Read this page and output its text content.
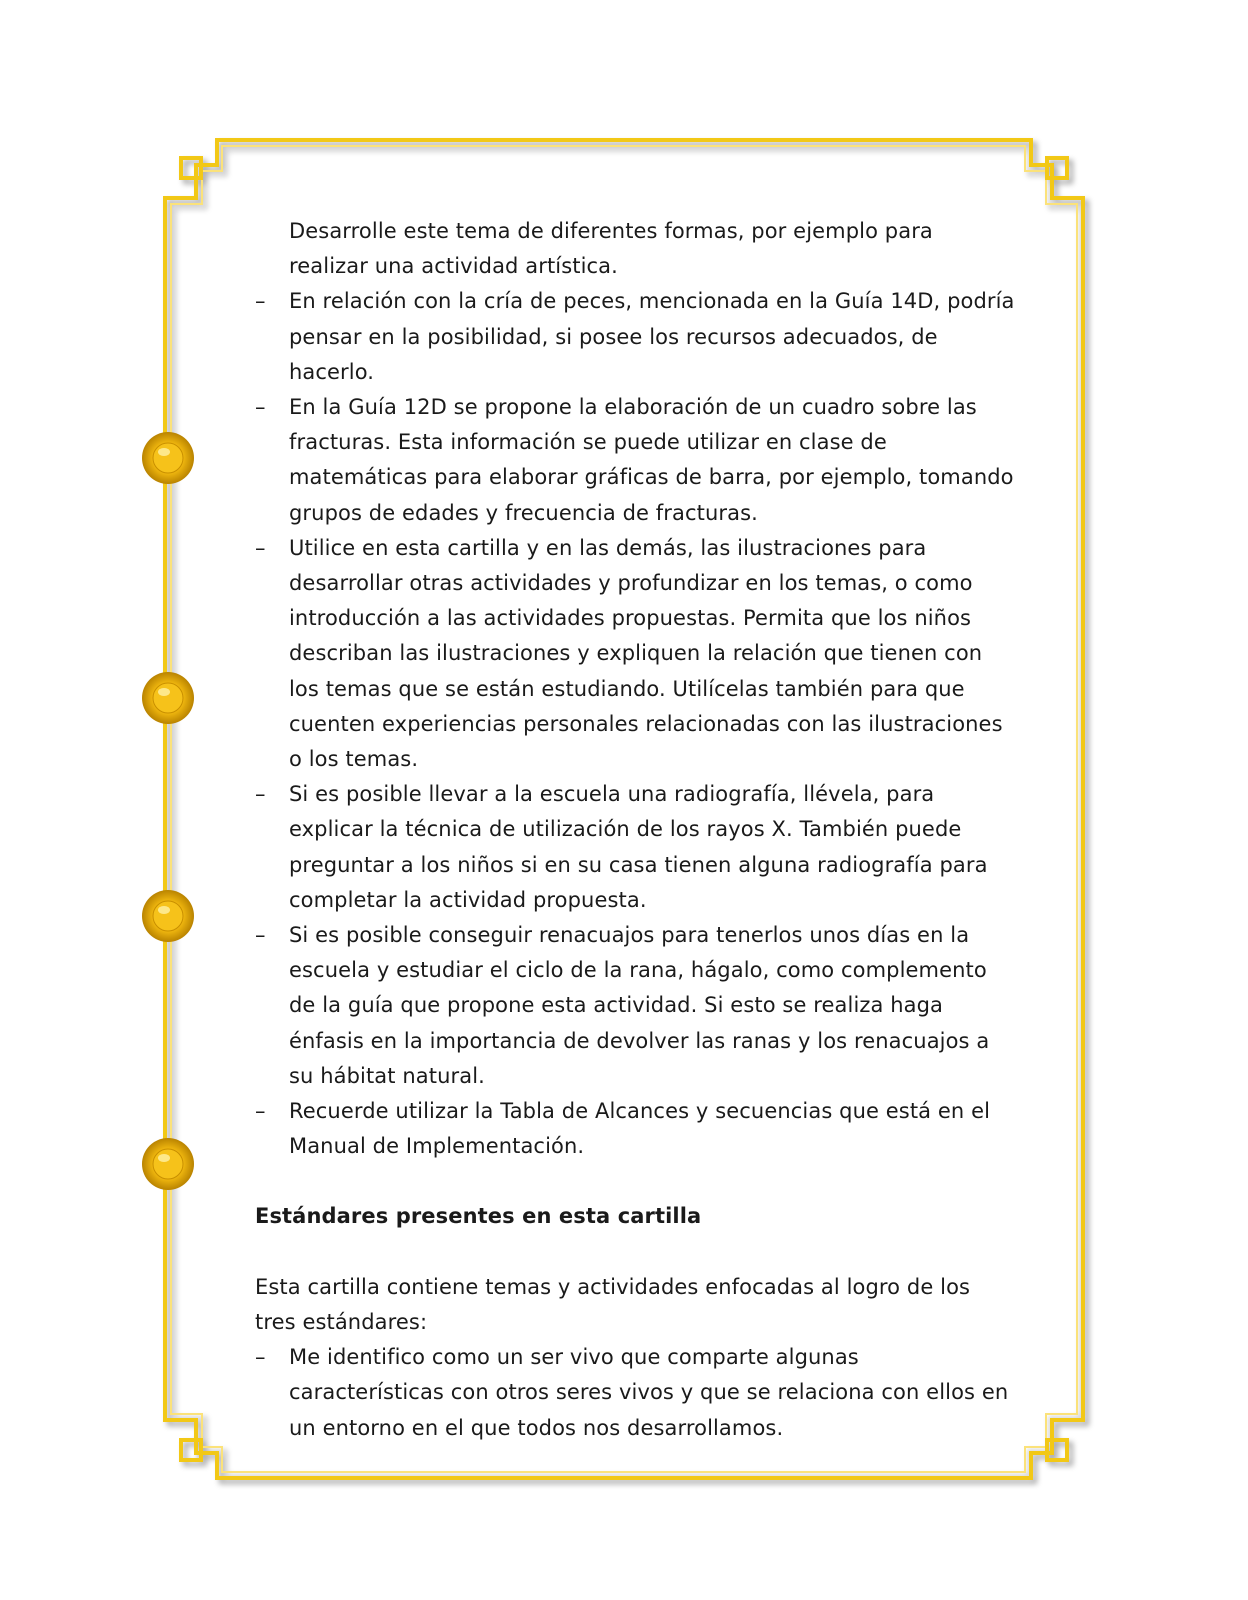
Desarrolle este tema de diferentes formas, por ejemplo para realizar una actividad artística.

–	En relación con la cría de peces, mencionada en la Guía 14D, podría pensar en la posibilidad, si posee los recursos adecuados, de hacerlo.
–	En la Guía 12D se propone la elaboración de un cuadro sobre las fracturas. Esta información se puede utilizar en clase de matemáticas para elaborar gráficas de barra, por ejemplo, tomando grupos de edades y frecuencia de fracturas.
–	Utilice en esta cartilla y en las demás, las ilustraciones para desarrollar otras actividades y profundizar en los temas, o como introducción a las actividades propuestas. Permita que los niños describan las ilustraciones y expliquen la relación que tienen con los temas que se están estudiando. Utilícelas también para que cuenten experiencias personales relacionadas con las ilustraciones o los temas.
–	Si es posible llevar a la escuela una radiografía, llévela, para explicar la técnica de utilización de los rayos X. También puede preguntar a los niños si en su casa tienen alguna radiografía para completar la actividad propuesta.
–	Si es posible conseguir renacuajos para tenerlos unos días en la escuela y estudiar el ciclo de la rana, hágalo, como complemento de la guía que propone esta actividad. Si esto se realiza haga énfasis en la importancia de devolver las ranas y los renacuajos a su hábitat natural.
–	Recuerde utilizar la Tabla de Alcances y secuencias que está en el Manual de Implementación.
Estándares presentes en esta cartilla

Esta cartilla contiene temas y actividades enfocadas al logro de los tres estándares:

–	Me identifico como un ser vivo que comparte algunas características con otros seres vivos y que se relaciona con ellos en un entorno en el que todos nos desarrollamos.
